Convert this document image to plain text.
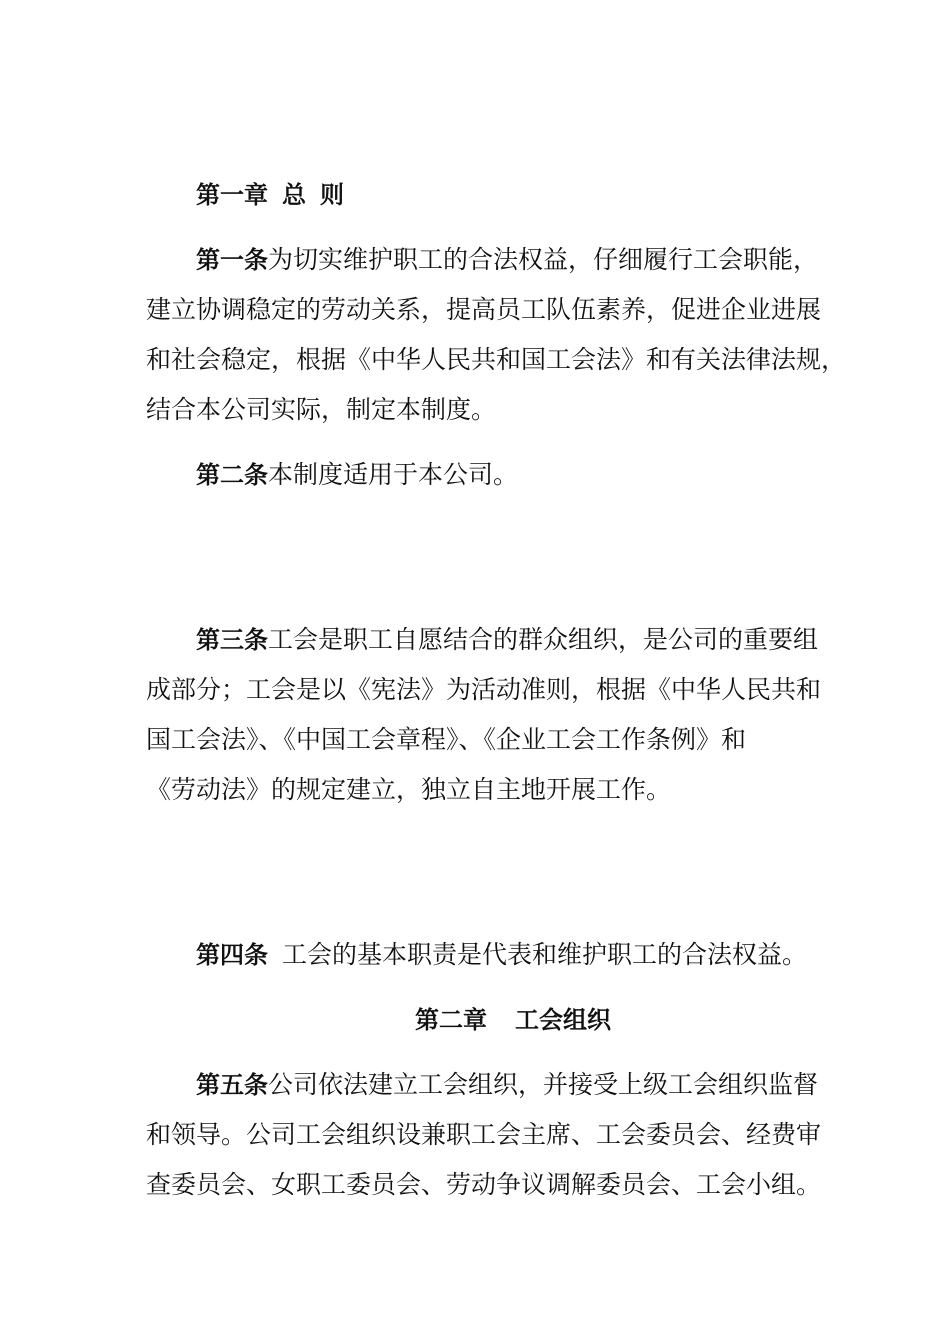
第一章 总 则
第一条为切实维护职工的合法权益，仔细履行工会职能，
建立协调稳定的劳动关系，提高员工队伍素养，促进企业进展
和社会稳定，根据《中华人民共和国工会法》和有关法律法规，
结合本公司实际，制定本制度。
第二条本制度适用于本公司。
第三条工会是职工自愿结合的群众组织，是公司的重要组
成部分；工会是以《宪法》为活动准则，根据《中华人民共和
国工会法》、《中国工会章程》、《企业工会工作条例》和
《劳动法》的规定建立，独立自主地开展工作。
第四条 工会的基本职责是代表和维护职工的合法权益。
第二章 工会组织
第五条公司依法建立工会组织，并接受上级工会组织监督
和领导。公司工会组织设兼职工会主席、工会委员会、经费审
查委员会、女职工委员会、劳动争议调解委员会、工会小组。
